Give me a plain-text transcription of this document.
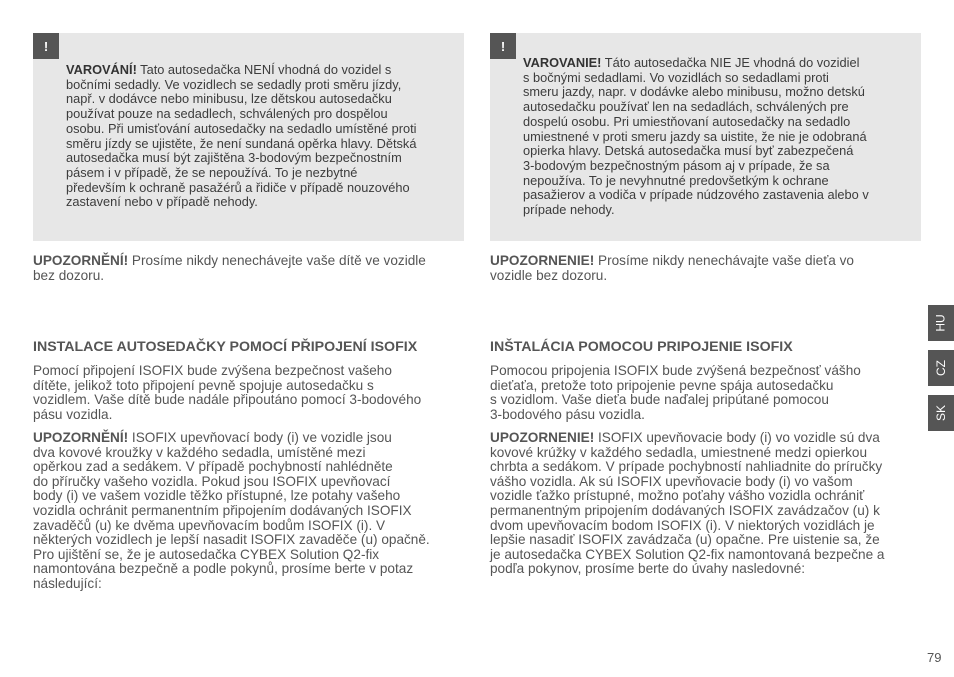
!
VAROVÁNÍ! Tato autosedačka NENÍ vhodná do vozidel s
bočními sedadly. Ve vozidlech se sedadly proti směru jízdy,
např. v dodávce nebo minibusu, lze dětskou autosedačku
používat pouze na sedadlech, schválených pro dospělou
osobu. Při umisťování autosedačky na sedadlo umístěné proti
směru jízdy se ujistěte, že není sundaná opěrka hlavy. Dětská
autosedačka musí být zajištěna 3-bodovým bezpečnostním
pásem i v případě, že se nepoužívá. To je nezbytné
především k ochraně pasažérů a řidiče v případě nouzového
zastavení nebo v případě nehody.
!
VAROVANIE! Táto autosedačka NIE JE vhodná do vozidiel
s bočnými sedadlami. Vo vozidlách so sedadlami proti
smeru jazdy, napr. v dodávke alebo minibusu, možno detskú
autosedačku používať len na sedadlách, schválených pre
dospelú osobu. Pri umiestňovaní autosedačky na sedadlo
umiestnené v proti smeru jazdy sa uistite, že nie je odobraná
opierka hlavy. Detská autosedačka musí byť zabezpečená
3-bodovým bezpečnostným pásom aj v prípade, že sa
nepoužíva. To je nevyhnutné predovšetkým k ochrane
pasažierov a vodiča v prípade núdzového zastavenia alebo v
prípade nehody.
UPOZORNĚNÍ! Prosíme nikdy nenechávejte vaše dítě ve vozidle
bez dozoru.
UPOZORNENIE! Prosíme nikdy nenechávajte vaše dieťa vo
vozidle bez dozoru.
INSTALACE AUTOSEDAČKY POMOCÍ PŘIPOJENÍ ISOFIX	INŠTALÁCIA POMOCOU PRIPOJENIE ISOFIX
Pomocí připojení ISOFIX bude zvýšena bezpečnost vašeho
dítěte, jelikož toto připojení pevně spojuje autosedačku s
vozidlem. Vaše dítě bude nadále připoutáno pomocí 3-bodového
pásu vozidla.
UPOZORNĚNÍ! ISOFIX upevňovací body (i) ve vozidle jsou
dva kovové kroužky v každého sedadla, umístěné mezi
opěrkou zad a sedákem. V případě pochybností nahlédněte
do příručky vašeho vozidla. Pokud jsou ISOFIX upevňovací
body (i) ve vašem vozidle těžko přístupné, lze potahy vašeho
vozidla ochránit permanentním připojením dodávaných ISOFIX
zavaděčů (u) ke dvěma upevňovacím bodům ISOFIX (i). V
některých vozidlech je lepší nasadit ISOFIX zavaděče (u) opačně.
Pro ujištění se, že je autosedačka CYBEX Solution Q2-fix
namontována bezpečně a podle pokynů, prosíme berte v potaz
následující:
Pomocou pripojenia ISOFIX bude zvýšená bezpečnosť vášho
dieťaťa, pretože toto pripojenie pevne spája autosedačku
s vozidlom. Vaše dieťa bude naďalej pripútané pomocou
3-bodového pásu vozidla.
UPOZORNENIE! ISOFIX upevňovacie body (i) vo vozidle sú dva
kovové krúžky v každého sedadla, umiestnené medzi opierkou
chrbta a sedákom. V prípade pochybností nahliadnite do príručky
vášho vozidla. Ak sú ISOFIX upevňovacie body (i) vo vašom
vozidle ťažko prístupné, možno poťahy vášho vozidla ochrániť
permanentným pripojením dodávaných ISOFIX zavádzačov (u) k
dvom upevňovacím bodom ISOFIX (i). V niektorých vozidlách je
lepšie nasadiť ISOFIX zavádzača (u) opačne. Pre uistenie sa, že
je autosedačka CYBEX Solution Q2-fix namontovaná bezpečne a
podľa pokynov, prosíme berte do úvahy nasledovné:
HU
CZ
SK
79
